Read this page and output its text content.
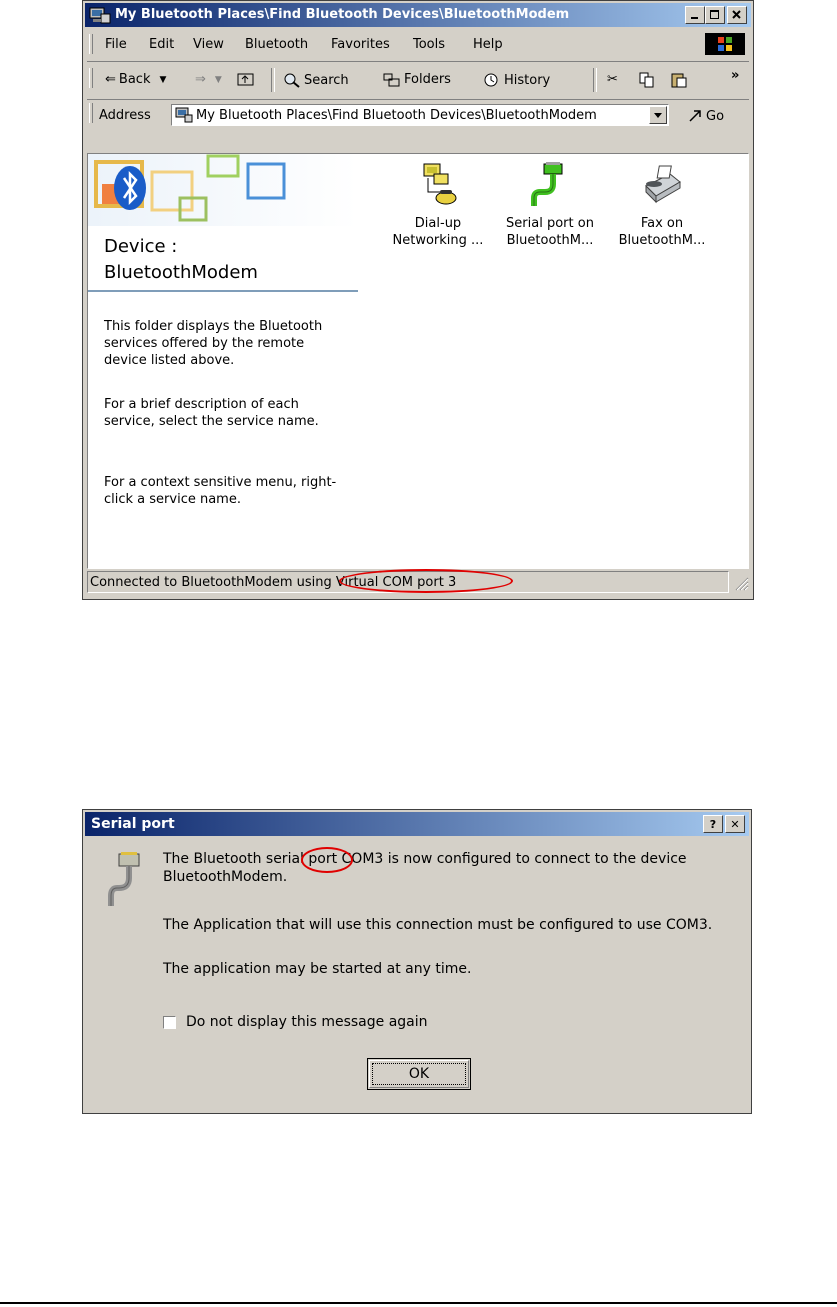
My Bluetooth Places\Find Bluetooth Devices\BluetoothModem
File Edit View Bluetooth Favorites Tools Help
⇐ Back ▼ ⇒ ▼	Search	Folders	History	✂	»
Address	My Bluetooth Places\Find Bluetooth Devices\BluetoothModem	Go
Device :
BluetoothModem
This folder displays the Bluetooth services offered by the remote device listed above.
For a brief description of each service, select the service name.
For a context sensitive menu, right-click a service name.
Dial-up
Networking ...
Serial port on
BluetoothM...
Fax on
BluetoothM...
Connected to BluetoothModem using Virtual COM port 3
Serial port	? ✕
The Bluetooth serial port COM3 is now configured to connect to the device
BluetoothModem.
The Application that will use this connection must be configured to use COM3.
The application may be started at any time.
Do not display this message again
OK
